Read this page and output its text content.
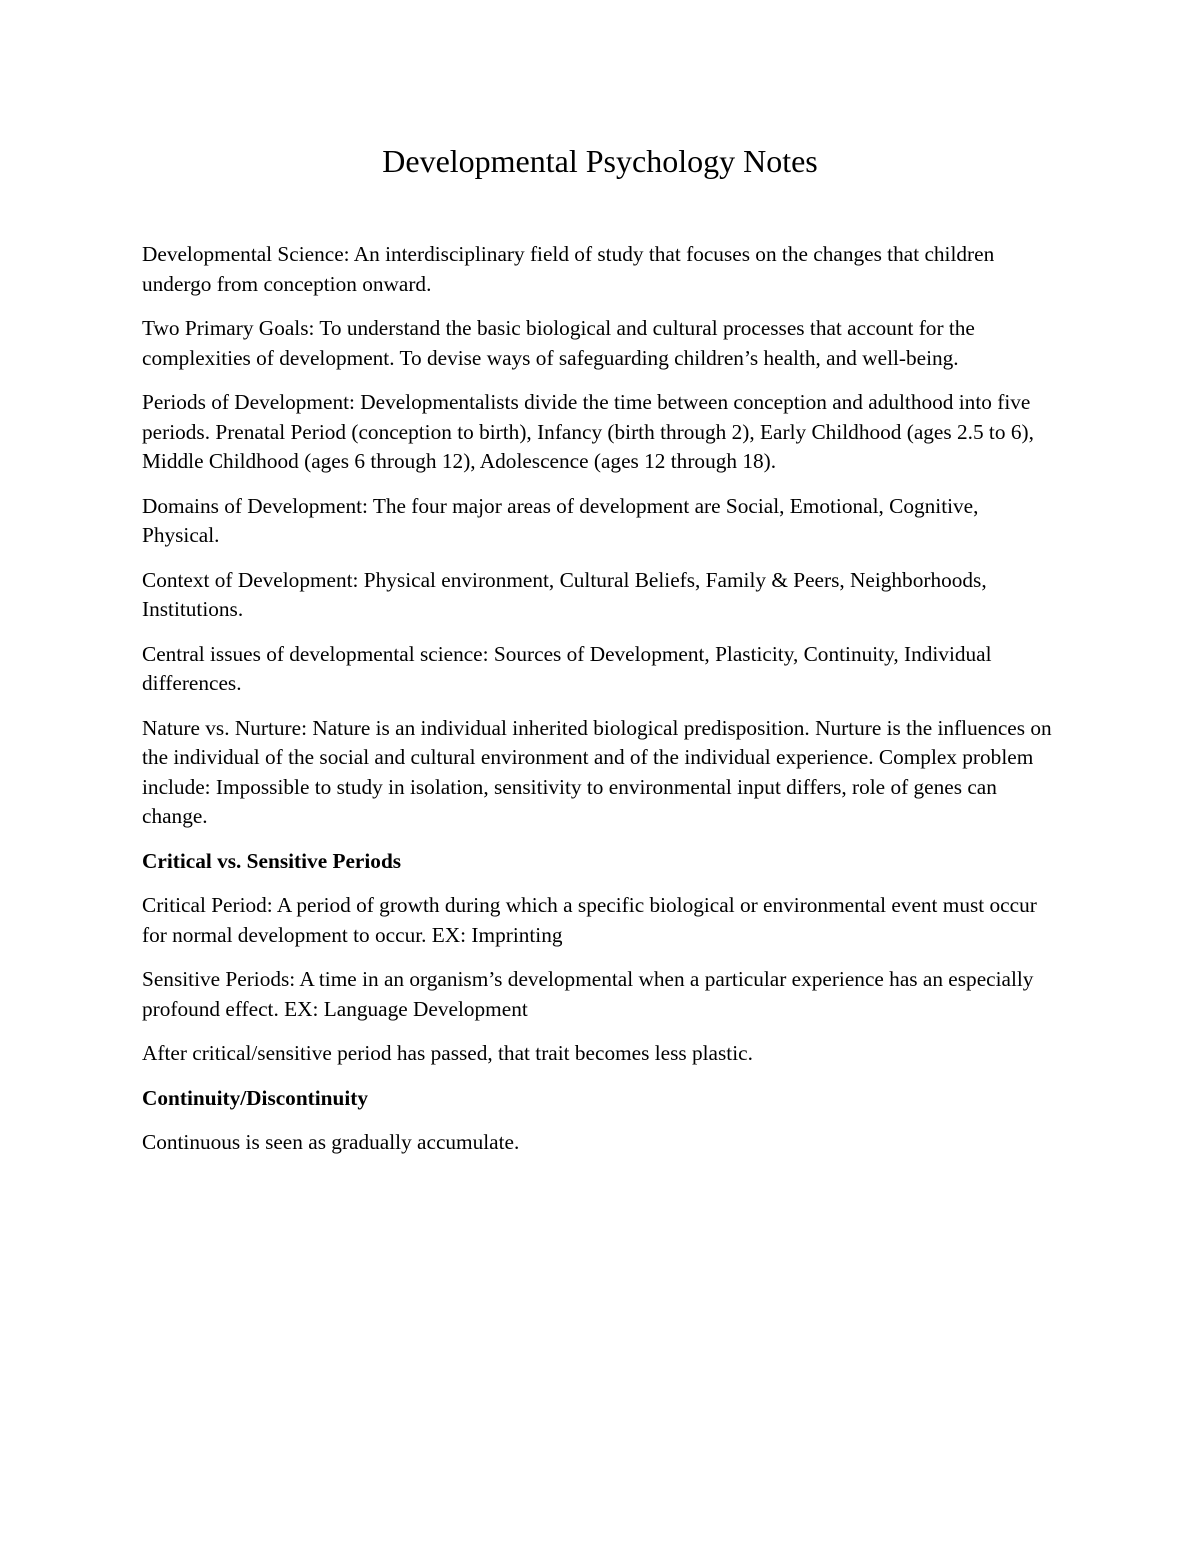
Developmental Psychology Notes

Developmental Science: An interdisciplinary field of study that focuses on the changes that children undergo from conception onward.

Two Primary Goals: To understand the basic biological and cultural processes that account for the complexities of development. To devise ways of safeguarding children’s health, and well-being.

Periods of Development: Developmentalists divide the time between conception and adulthood into five periods. Prenatal Period (conception to birth), Infancy (birth through 2), Early Childhood (ages 2.5 to 6), Middle Childhood (ages 6 through 12), Adolescence (ages 12 through 18).

Domains of Development: The four major areas of development are Social, Emotional, Cognitive, Physical.

Context of Development: Physical environment, Cultural Beliefs, Family & Peers, Neighborhoods, Institutions.

Central issues of developmental science: Sources of Development, Plasticity, Continuity, Individual differences.

Nature vs. Nurture: Nature is an individual inherited biological predisposition. Nurture is the influences on the individual of the social and cultural environment and of the individual experience. Complex problem include: Impossible to study in isolation, sensitivity to environmental input differs, role of genes can change.

Critical vs. Sensitive Periods

Critical Period: A period of growth during which a specific biological or environmental event must occur for normal development to occur. EX: Imprinting

Sensitive Periods: A time in an organism’s developmental when a particular experience has an especially profound effect. EX: Language Development

After critical/sensitive period has passed, that trait becomes less plastic.

Continuity/Discontinuity

Continuous is seen as gradually accumulate.
